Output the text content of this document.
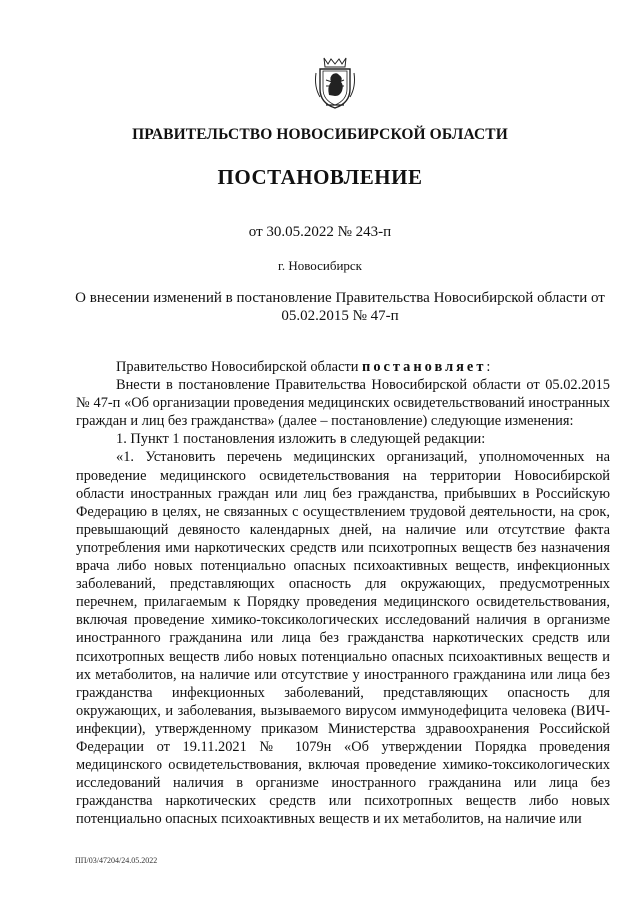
ПРАВИТЕЛЬСТВО НОВОСИБИРСКОЙ ОБЛАСТИ
ПОСТАНОВЛЕНИЕ
от 30.05.2022 № 243-п
г. Новосибирск
О внесении изменений в постановление Правительства Новосибирской области от 05.02.2015 № 47-п

Правительство Новосибирской области постановляет:

Внести в постановление Правительства Новосибирской области от 05.02.2015 № 47-п «Об организации проведения медицинских освидетельствований иностранных граждан и лиц без гражданства» (далее – постановление) следующие изменения:

1. Пункт 1 постановления изложить в следующей редакции:

«1. Установить перечень медицинских организаций, уполномоченных на проведение медицинского освидетельствования на территории Новосибирской области иностранных граждан или лиц без гражданства, прибывших в Российскую Федерацию в целях, не связанных с осуществлением трудовой деятельности, на срок, превышающий девяносто календарных дней, на наличие или отсутствие факта употребления ими наркотических средств или психотропных веществ без назначения врача либо новых потенциально опасных психоактивных веществ, инфекционных заболеваний, представляющих опасность для окружающих, предусмотренных перечнем, прилагаемым к Порядку проведения медицинского освидетельствования, включая проведение химико-токсикологических исследований наличия в организме иностранного гражданина или лица без гражданства наркотических средств или психотропных веществ либо новых потенциально опасных психоактивных веществ и их метаболитов, на наличие или отсутствие у иностранного гражданина или лица без гражданства инфекционных заболеваний, представляющих опасность для окружающих, и заболевания, вызываемого вирусом иммунодефицита человека (ВИЧ-инфекции), утвержденному приказом Министерства здравоохранения Российской Федерации от 19.11.2021 № 1079н «Об утверждении Порядка проведения медицинского освидетельствования, включая проведение химико-токсикологических исследований наличия в организме иностранного гражданина или лица без гражданства наркотических средств или психотропных веществ либо новых потенциально опасных психоактивных веществ и их метаболитов, на наличие или

ПП/03/47204/24.05.2022
